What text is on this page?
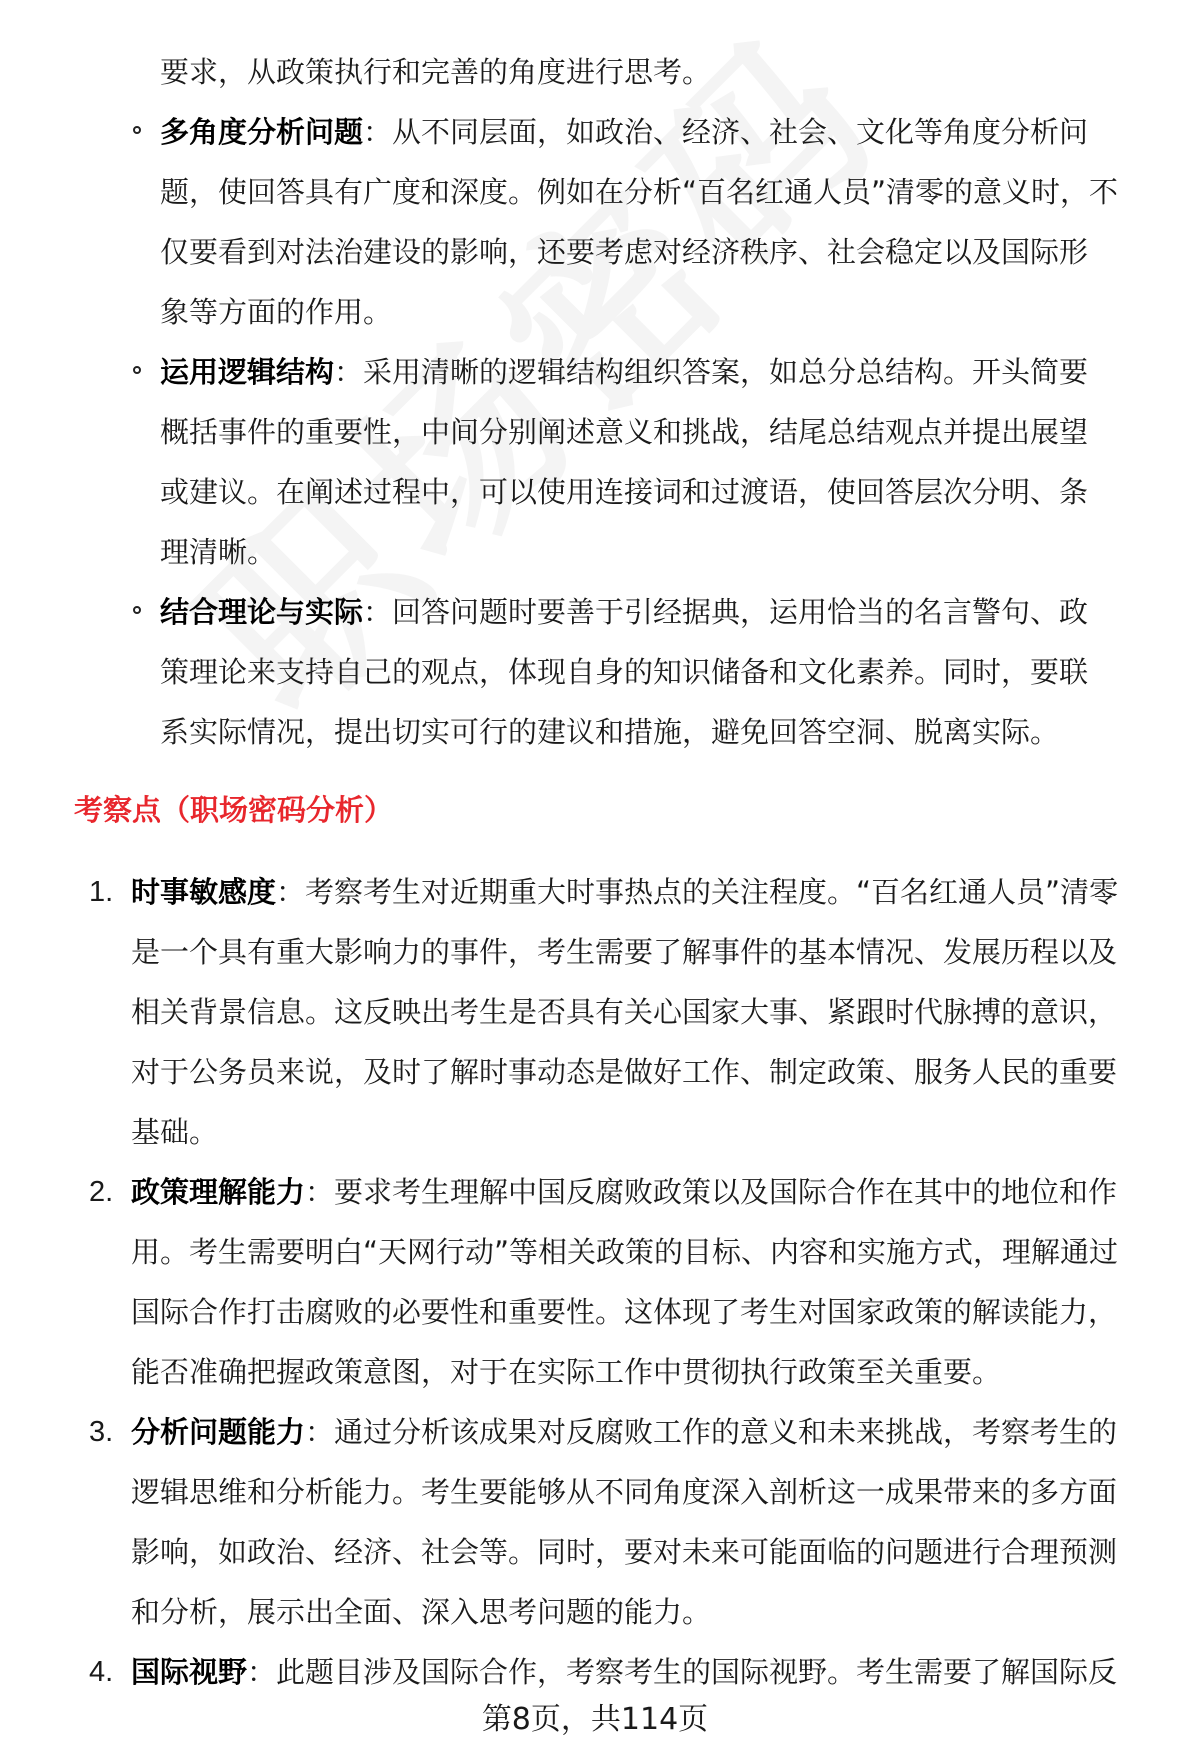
要求，从政策执行和完善的角度进行思考。
多角度分析问题：从不同层面，如政治、经济、社会、文化等角度分析问
题，使回答具有广度和深度。例如在分析“百名红通人员”清零的意义时，不
仅要看到对法治建设的影响，还要考虑对经济秩序、社会稳定以及国际形
象等方面的作用。
运用逻辑结构：采用清晰的逻辑结构组织答案，如总分总结构。开头简要
概括事件的重要性，中间分别阐述意义和挑战，结尾总结观点并提出展望
或建议。在阐述过程中，可以使用连接词和过渡语，使回答层次分明、条
理清晰。
结合理论与实际：回答问题时要善于引经据典，运用恰当的名言警句、政
策理论来支持自己的观点，体现自身的知识储备和文化素养。同时，要联
系实际情况，提出切实可行的建议和措施，避免回答空洞、脱离实际。
考察点（职场密码分析）
1. 时事敏感度：考察考生对近期重大时事热点的关注程度。“百名红通人员”清零
是一个具有重大影响力的事件，考生需要了解事件的基本情况、发展历程以及
相关背景信息。这反映出考生是否具有关心国家大事、紧跟时代脉搏的意识，
对于公务员来说，及时了解时事动态是做好工作、制定政策、服务人民的重要
基础。
2. 政策理解能力：要求考生理解中国反腐败政策以及国际合作在其中的地位和作
用。考生需要明白“天网行动”等相关政策的目标、内容和实施方式，理解通过
国际合作打击腐败的必要性和重要性。这体现了考生对国家政策的解读能力，
能否准确把握政策意图，对于在实际工作中贯彻执行政策至关重要。
3. 分析问题能力：通过分析该成果对反腐败工作的意义和未来挑战，考察考生的
逻辑思维和分析能力。考生要能够从不同角度深入剖析这一成果带来的多方面
影响，如政治、经济、社会等。同时，要对未来可能面临的问题进行合理预测
和分析，展示出全面、深入思考问题的能力。
4. 国际视野：此题目涉及国际合作，考察考生的国际视野。考生需要了解国际反
第8页，共114页
